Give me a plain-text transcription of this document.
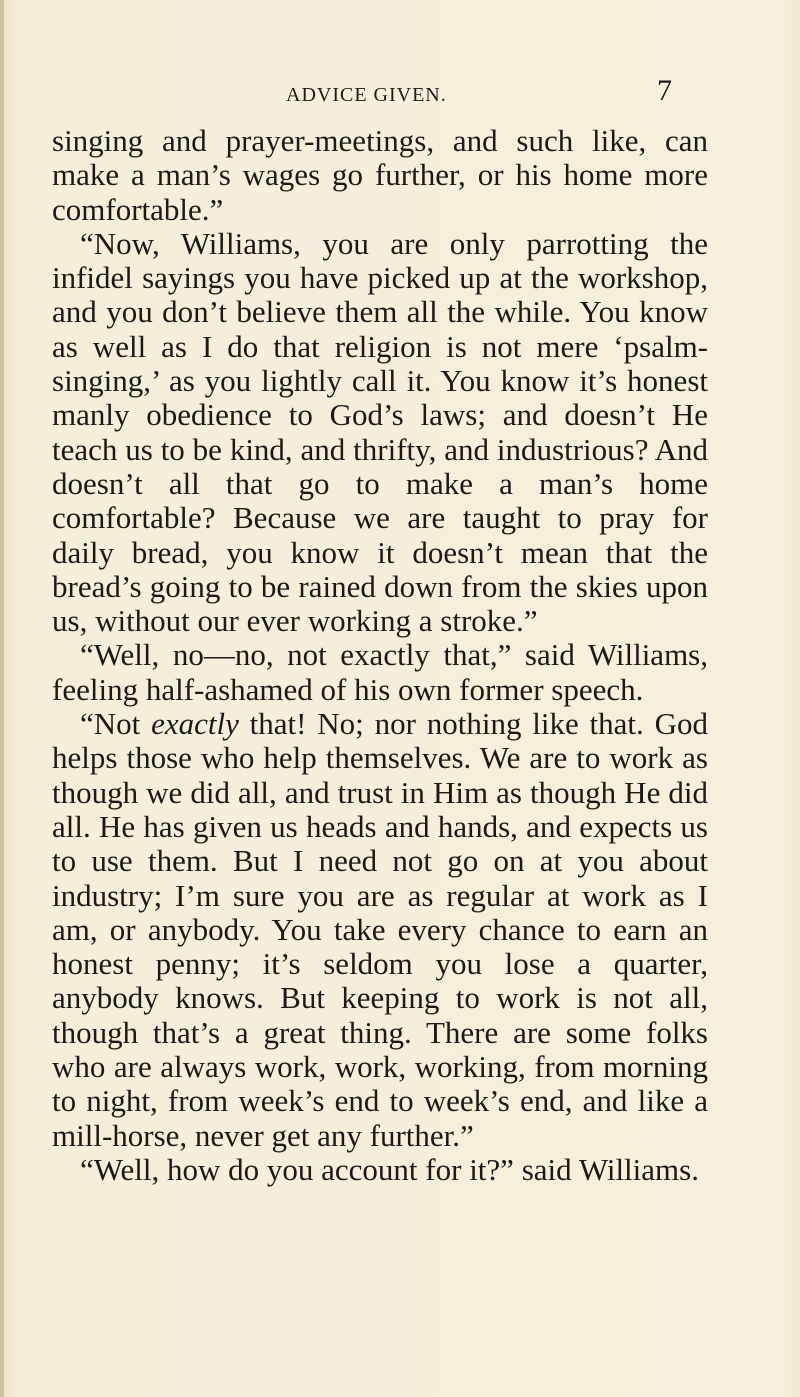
ADVICE GIVEN.	7

singing and prayer-meetings, and such like, can make a man’s wages go further, or his home more comfortable.”

“Now, Williams, you are only parrotting the infidel sayings you have picked up at the workshop, and you don’t believe them all the while. You know as well as I do that religion is not mere ‘psalm-singing,’ as you lightly call it. You know it’s honest manly obedience to God’s laws; and doesn’t He teach us to be kind, and thrifty, and industrious? And doesn’t all that go to make a man’s home comfortable? Because we are taught to pray for daily bread, you know it doesn’t mean that the bread’s going to be rained down from the skies upon us, without our ever working a stroke.”

“Well, no—no, not exactly that,” said Williams, feeling half-ashamed of his own former speech.

“Not exactly that! No; nor nothing like that. God helps those who help themselves. We are to work as though we did all, and trust in Him as though He did all. He has given us heads and hands, and expects us to use them. But I need not go on at you about industry; I’m sure you are as regular at work as I am, or anybody. You take every chance to earn an honest penny; it’s seldom you lose a quarter, anybody knows. But keeping to work is not all, though that’s a great thing. There are some folks who are always work, work, working, from morning to night, from week’s end to week’s end, and like a mill-horse, never get any further.”

“Well, how do you account for it?” said Williams.
